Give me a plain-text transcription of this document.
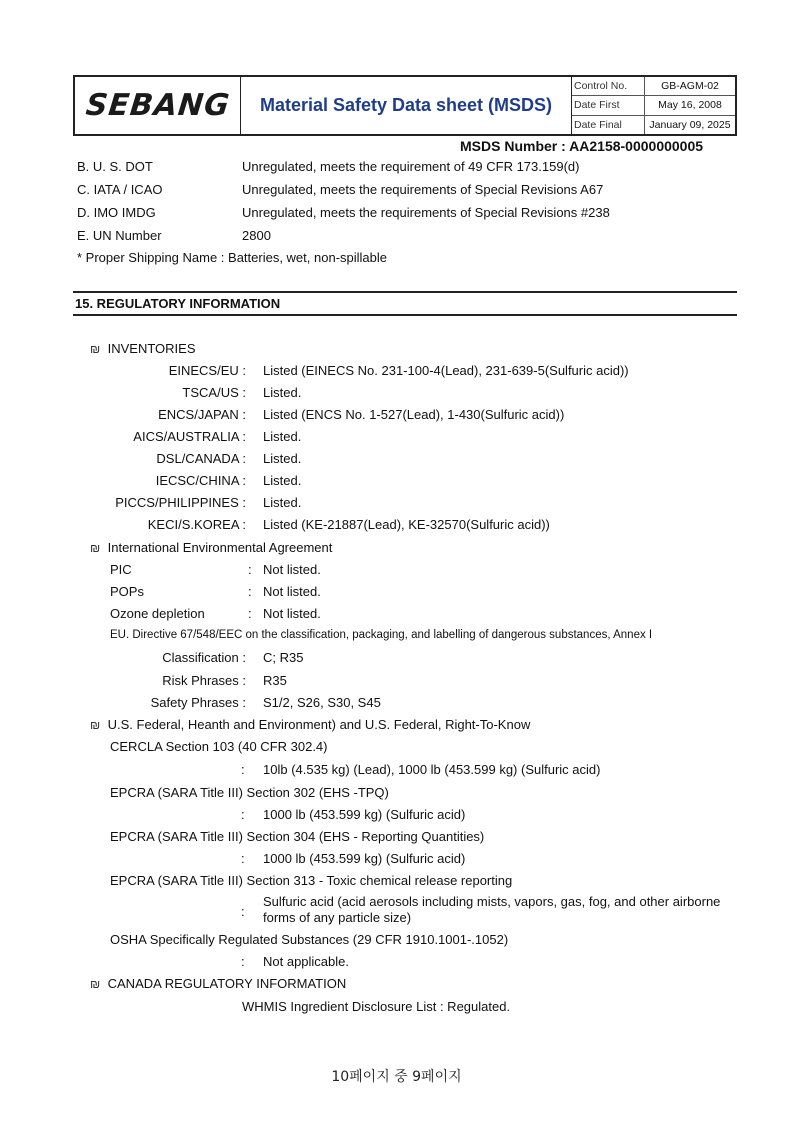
SEBANG Material Safety Data sheet (MSDS)
Control No.	GB-AGM-02
Date First	May 16, 2008
Date Final	January 09, 2025
MSDS Number : AA2158-0000000005
B. U. S. DOT	Unregulated, meets the requirement of 49 CFR 173.159(d)
C. IATA / ICAO	Unregulated, meets the requirements of Special Revisions A67
D. IMO IMDG	Unregulated, meets the requirements of Special Revisions #238
E. UN Number	2800
* Proper Shipping Name : Batteries, wet, non-spillable
15. REGULATORY INFORMATION
₪ INVENTORIES
EINECS/EU : Listed (EINECS No. 231-100-4(Lead), 231-639-5(Sulfuric acid))
TSCA/US : Listed.
ENCS/JAPAN : Listed (ENCS No. 1-527(Lead), 1-430(Sulfuric acid))
AICS/AUSTRALIA : Listed.
DSL/CANADA : Listed.
IECSC/CHINA : Listed.
PICCS/PHILIPPINES : Listed.
KECI/S.KOREA : Listed (KE-21887(Lead), KE-32570(Sulfuric acid))
₪ International Environmental Agreement
PIC	: Not listed.
POPs	: Not listed.
Ozone depletion	: Not listed.
EU. Directive 67/548/EEC on the classification, packaging, and labelling of dangerous substances, Annex I
Classification : C; R35
Risk Phrases : R35
Safety Phrases : S1/2, S26, S30, S45
₪ U.S. Federal, Heanth and Environment) and U.S. Federal, Right-To-Know
CERCLA Section 103 (40 CFR 302.4)
: 10lb (4.535 kg) (Lead), 1000 lb (453.599 kg) (Sulfuric acid)
EPCRA (SARA Title III) Section 302 (EHS -TPQ)
: 1000 lb (453.599 kg) (Sulfuric acid)
EPCRA (SARA Title III) Section 304 (EHS - Reporting Quantities)
: 1000 lb (453.599 kg) (Sulfuric acid)
EPCRA (SARA Title III) Section 313 - Toxic chemical release reporting
:
Sulfuric acid (acid aerosols including mists, vapors, gas, fog, and other airborne
forms of any particle size)
OSHA Specifically Regulated Substances (29 CFR 1910.1001-.1052)
: Not applicable.
₪ CANADA REGULATORY INFORMATION
WHMIS Ingredient Disclosure List : Regulated.
10페이지 중 9페이지
